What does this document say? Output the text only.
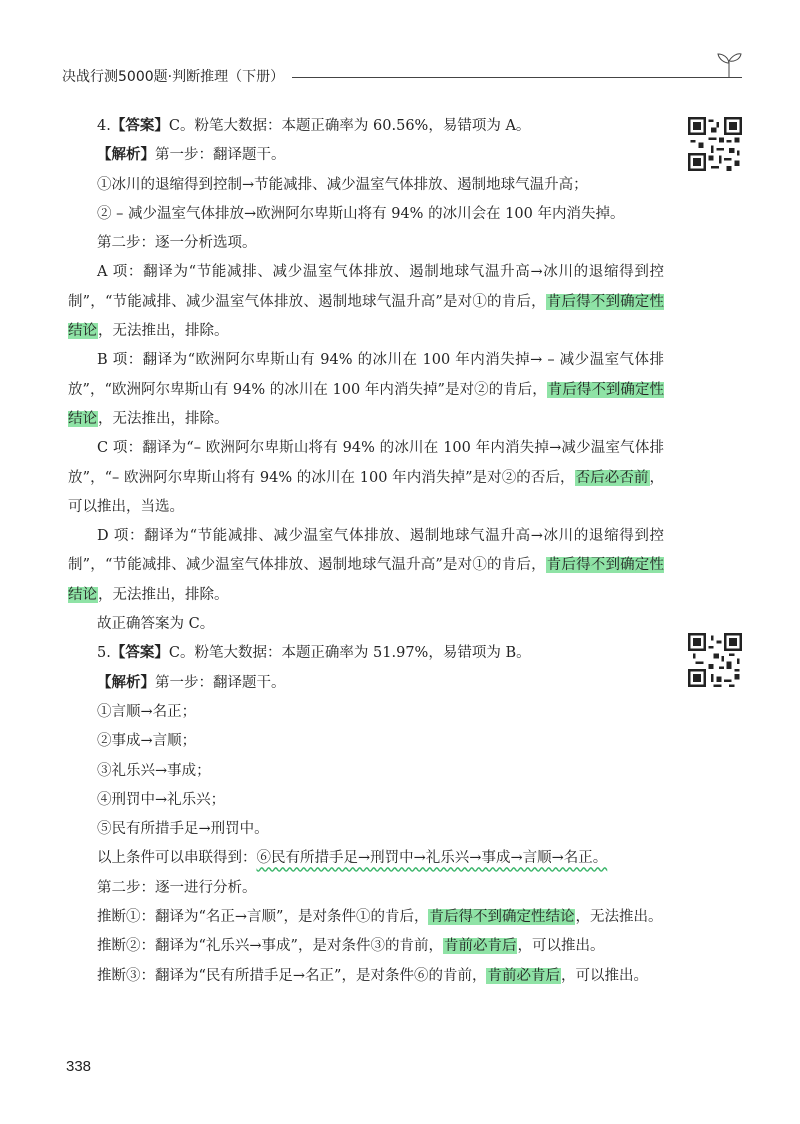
决战行测5000题·判断推理（下册）

4.【答案】C。粉笔大数据：本题正确率为 60.56%，易错项为 A。

【解析】第一步：翻译题干。

①冰川的退缩得到控制→节能减排、减少温室气体排放、遏制地球气温升高；

② – 减少温室气体排放→欧洲阿尔卑斯山将有 94% 的冰川会在 100 年内消失掉。

第二步：逐一分析选项。

A 项：翻译为“节能减排、减少温室气体排放、遏制地球气温升高→冰川的退缩得到控制”，“节能减排、减少温室气体排放、遏制地球气温升高”是对①的肯后，肯后得不到确定性结论，无法推出，排除。

B 项：翻译为“欧洲阿尔卑斯山有 94% 的冰川在 100 年内消失掉→ – 减少温室气体排放”，“欧洲阿尔卑斯山有 94% 的冰川在 100 年内消失掉”是对②的肯后，肯后得不到确定性结论，无法推出，排除。

C 项：翻译为“– 欧洲阿尔卑斯山将有 94% 的冰川在 100 年内消失掉→减少温室气体排放”，“– 欧洲阿尔卑斯山将有 94% 的冰川在 100 年内消失掉”是对②的否后，否后必否前，可以推出，当选。

D 项：翻译为“节能减排、减少温室气体排放、遏制地球气温升高→冰川的退缩得到控制”，“节能减排、减少温室气体排放、遏制地球气温升高”是对①的肯后，肯后得不到确定性结论，无法推出，排除。

故正确答案为 C。

5.【答案】C。粉笔大数据：本题正确率为 51.97%，易错项为 B。

【解析】第一步：翻译题干。

①言顺→名正；

②事成→言顺；

③礼乐兴→事成；

④刑罚中→礼乐兴；

⑤民有所措手足→刑罚中。

以上条件可以串联得到：⑥民有所措手足→刑罚中→礼乐兴→事成→言顺→名正。

第二步：逐一进行分析。

推断①：翻译为“名正→言顺”，是对条件①的肯后，肯后得不到确定性结论，无法推出。

推断②：翻译为“礼乐兴→事成”，是对条件③的肯前，肯前必肯后，可以推出。

推断③：翻译为“民有所措手足→名正”，是对条件⑥的肯前，肯前必肯后，可以推出。

338
